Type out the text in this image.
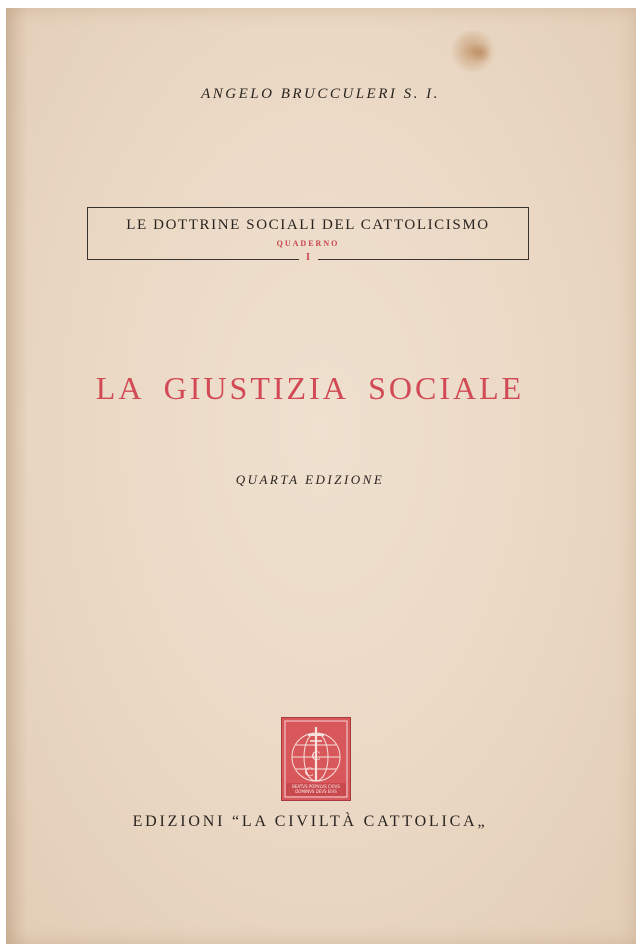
ANGELO BRUCCULERI S. I.
LE DOTTRINE SOCIALI DEL CATTOLICISMO
QUADERNO
I
LA GIUSTIZIA SOCIALE
QUARTA EDIZIONE
C C
BEATVS POPVLVS CVIVS DOMINVS DEVS EIVS
EDIZIONI “LA CIVILTÀ CATTOLICA„
